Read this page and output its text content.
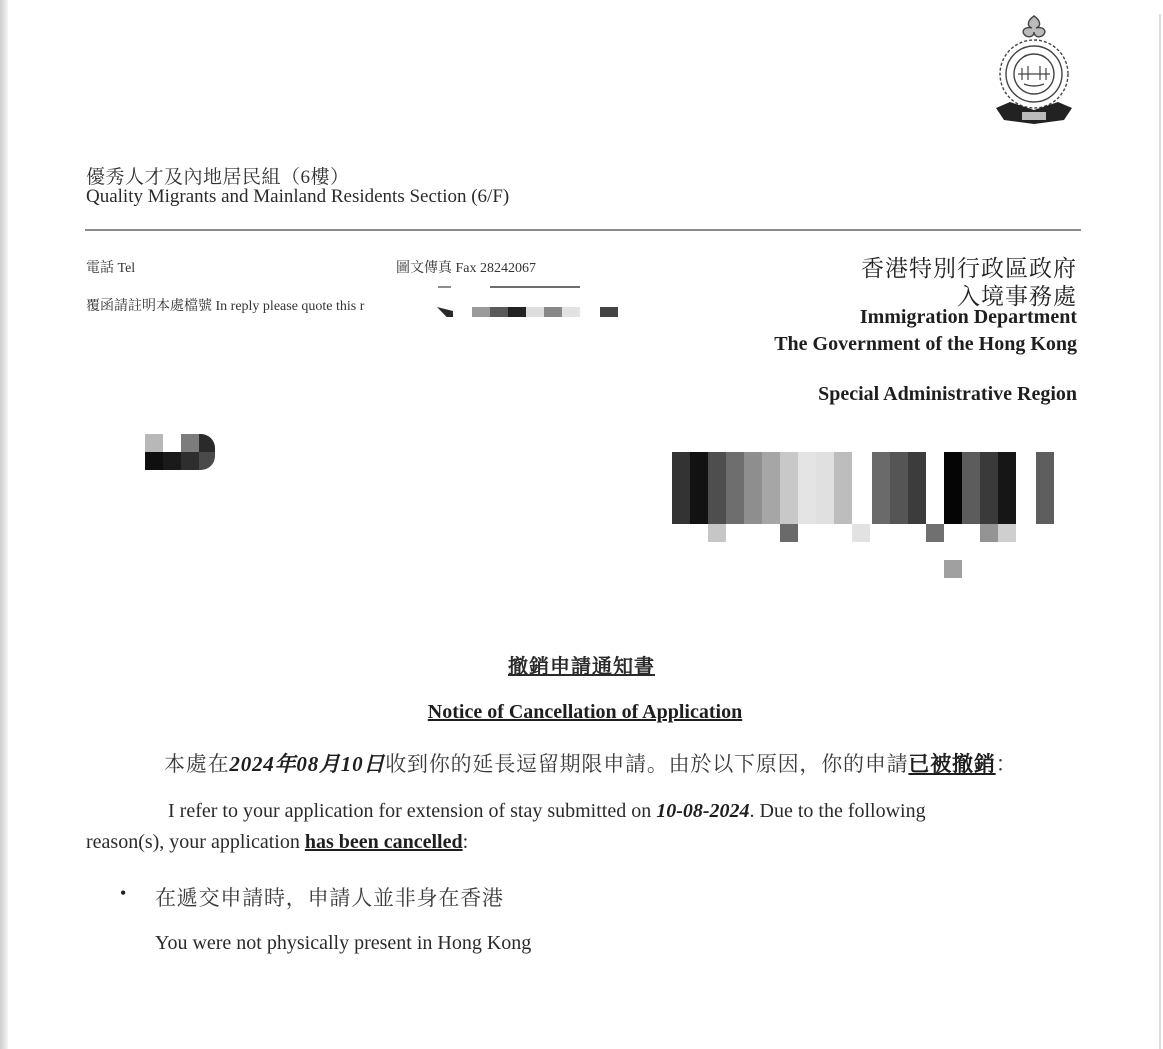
優秀人才及內地居民組（6樓）
Quality Migrants and Mainland Residents Section (6/F)
電話 Tel	圖文傳真 Fax 28242067
覆函請註明本處檔號 In reply please quote this r
香港特別行政區政府
入境事務處
Immigration Department
The Government of the Hong Kong
Special Administrative Region
撤銷申請通知書
Notice of Cancellation of Application
本處在2024年08月10日收到你的延長逗留期限申請。由於以下原因，你的申請已被撤銷：
I refer to your application for extension of stay submitted on 10-08-2024. Due to the following
reason(s), your application has been cancelled:
• 在遞交申請時，申請人並非身在香港
You were not physically present in Hong Kong
